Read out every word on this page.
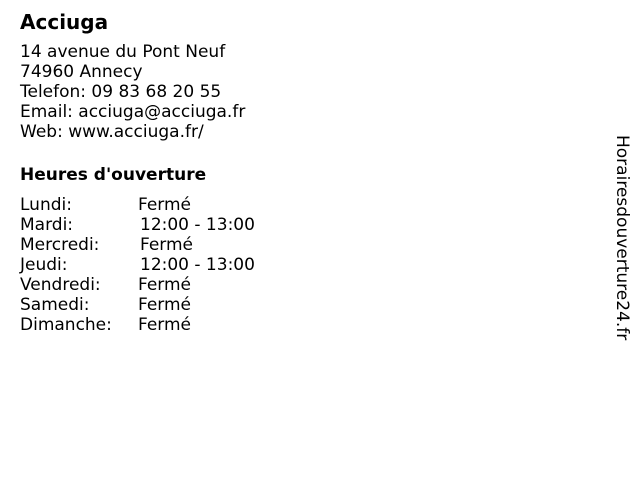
Acciuga
14 avenue du Pont Neuf
74960 Annecy
Telefon: 09 83 68 20 55
Email: acciuga@acciuga.fr
Web: www.acciuga.fr/
Heures d'ouverture
Lundi:	Fermé
Mardi:	12:00 - 13:00
Mercredi: Fermé
Jeudi:	12:00 - 13:00
Vendredi: Fermé
Samedi:	Fermé
Dimanche: Fermé	Horairesdouverture24.fr
